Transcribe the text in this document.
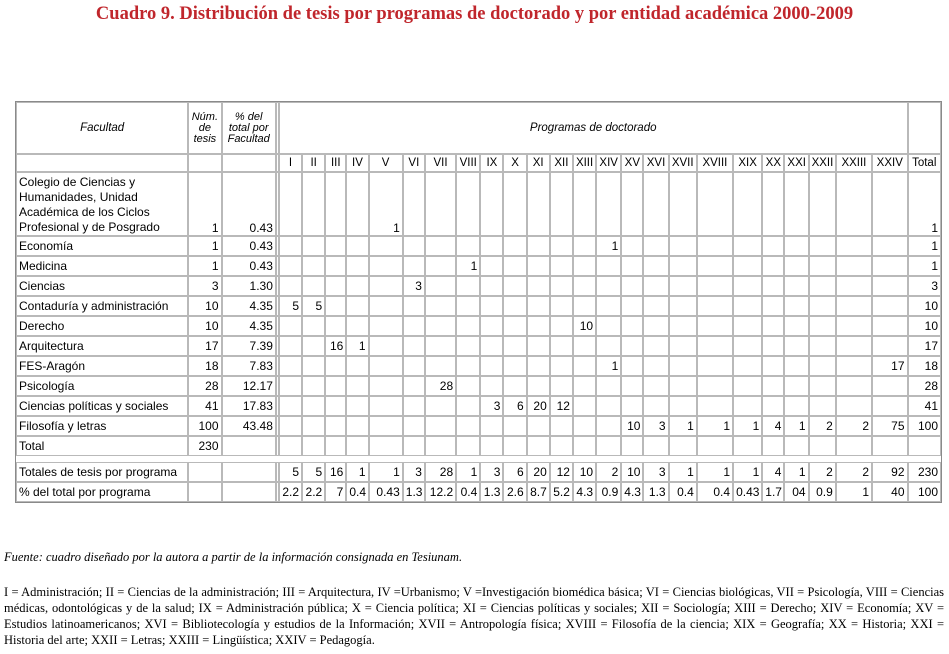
Cuadro 9. Distribución de tesis por programas de doctorado y por entidad académica 2000-2009
Facultad	Núm. de tesis	% del total por Facultad		Programas de doctorado																								
				I	II	III	IV	V	VI	VII	VIII	IX	X	XI	XII	XIII	XIV	XV	XVI	XVII	XVIII	XIX	XX	XXI	XXII	XXIII	XXIV	Total
Colegio de Ciencias y Humanidades, Unidad Académica de los Ciclos Profesional y de Posgrado	1	0.43						1																				1
Economía	1	0.43															1											1
Medicina	1	0.43									1																	1
Ciencias	3	1.30							3																			3
Contaduría y administración	10	4.35		5	5																							10
Derecho	10	4.35														10												10
Arquitectura	17	7.39				16	1																					17
FES-Aragón	18	7.83															1										17	18
Psicología	28	12.17								28																		28
Ciencias políticas y sociales	41	17.83										3	6	20	12													41
Filosofía y letras	100	43.48																10	3	1	1	1	4	1	2	2	75	100
Total	230																											

Totales de tesis por programa				5	5	16	1	1	3	28	1	3	6	20	12	10	2	10	3	1	1	1	4	1	2	2	92	230
% del total por programa				2.2	2.2	7	0.4	0.43	1.3	12.2	0.4	1.3	2.6	8.7	5.2	4.3	0.9	4.3	1.3	0.4	0.4	0.43	1.7	04	0.9	1	40	100
Fuente: cuadro diseñado por la autora a partir de la información consignada en Tesiunam.
I = Administración; II = Ciencias de la administración; III = Arquitectura, IV =Urbanismo; V =Investigación biomédica básica; VI = Ciencias biológicas, VII = Psicología, VIII = Ciencias médicas, odontológicas y de la salud; IX = Administración pública; X = Ciencia política; XI = Ciencias políticas y sociales; XII = Sociología; XIII = Derecho; XIV = Economía; XV = Estudios latinoamericanos; XVI = Bibliotecología y estudios de la Información; XVII = Antropología física; XVIII = Filosofía de la ciencia; XIX = Geografía; XX = Historia; XXI = Historia del arte; XXII = Letras; XXIII = Lingüística; XXIV = Pedagogía.
